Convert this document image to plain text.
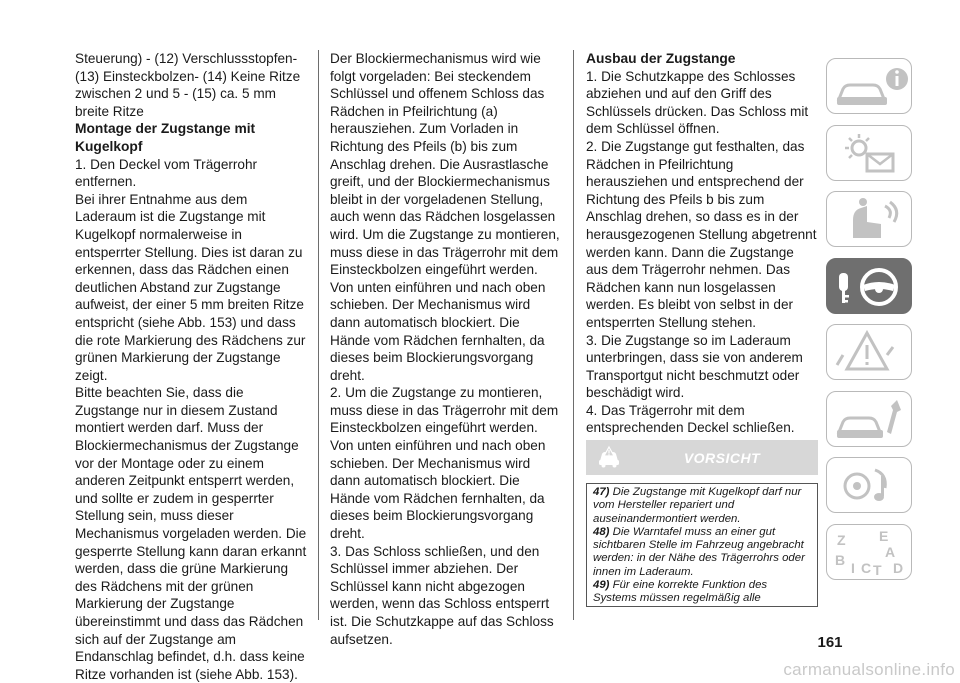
Steuerung) - (12) Verschlussstopfen- (13) Einsteckbolzen- (14) Keine Ritze zwischen 2 und 5 - (15) ca. 5 mm breite Ritze

Montage der Zugstange mit Kugelkopf

1. Den Deckel vom Trägerrohr entfernen.

Bei ihrer Entnahme aus dem Laderaum ist die Zugstange mit Kugelkopf normalerweise in entsperrter Stellung. Dies ist daran zu erkennen, dass das Rädchen einen deutlichen Abstand zur Zugstange aufweist, der einer 5 mm breiten Ritze entspricht (siehe Abb. 153) und dass die rote Markierung des Rädchens zur grünen Markierung der Zugstange zeigt.

Bitte beachten Sie, dass die Zugstange nur in diesem Zustand montiert werden darf. Muss der Blockiermechanismus der Zugstange vor der Montage oder zu einem anderen Zeitpunkt entsperrt werden, und sollte er zudem in gesperrter Stellung sein, muss dieser Mechanismus vorgeladen werden. Die gesperrte Stellung kann daran erkannt werden, dass die grüne Markierung des Rädchens mit der grünen Markierung der Zugstange übereinstimmt und dass das Rädchen sich auf der Zugstange am Endanschlag befindet, d.h. dass keine Ritze vorhanden ist (siehe Abb. 153).

Der Blockiermechanismus wird wie folgt vorgeladen: Bei steckendem Schlüssel und offenem Schloss das Rädchen in Pfeilrichtung (a) herausziehen. Zum Vorladen in Richtung des Pfeils (b) bis zum Anschlag drehen. Die Ausrastlasche greift, und der Blockiermechanismus bleibt in der vorgeladenen Stellung, auch wenn das Rädchen losgelassen wird. Um die Zugstange zu montieren, muss diese in das Trägerrohr mit dem Einsteckbolzen eingeführt werden. Von unten einführen und nach oben schieben. Der Mechanismus wird dann automatisch blockiert. Die Hände vom Rädchen fernhalten, da dieses beim Blockierungsvorgang dreht.

2. Um die Zugstange zu montieren, muss diese in das Trägerrohr mit dem Einsteckbolzen eingeführt werden. Von unten einführen und nach oben schieben. Der Mechanismus wird dann automatisch blockiert. Die Hände vom Rädchen fernhalten, da dieses beim Blockierungsvorgang dreht.

3. Das Schloss schließen, und den Schlüssel immer abziehen. Der Schlüssel kann nicht abgezogen werden, wenn das Schloss entsperrt ist. Die Schutzkappe auf das Schloss aufsetzen.

Ausbau der Zugstange

1. Die Schutzkappe des Schlosses abziehen und auf den Griff des Schlüssels drücken. Das Schloss mit dem Schlüssel öffnen.

2. Die Zugstange gut festhalten, das Rädchen in Pfeilrichtung herausziehen und entsprechend der Richtung des Pfeils b bis zum Anschlag drehen, so dass es in der herausgezogenen Stellung abgetrennt werden kann. Dann die Zugstange aus dem Trägerrohr nehmen. Das Rädchen kann nun losgelassen werden. Es bleibt von selbst in der entsperrten Stellung stehen.

3. Die Zugstange so im Laderaum unterbringen, dass sie von anderem Transportgut nicht beschmutzt oder beschädigt wird.

4. Das Trägerrohr mit dem entsprechenden Deckel schließen.

VORSICHT

47) Die Zugstange mit Kugelkopf darf nur vom Hersteller repariert und auseinandermontiert werden.

48) Die Warntafel muss an einer gut sichtbaren Stelle im Fahrzeug angebracht werden: in der Nähe des Trägerrohrs oder innen im Laderaum.

49) Für eine korrekte Funktion des Systems müssen regelmäßig alle

Z E
A
B I C T D
161
carmanualsonline.info
